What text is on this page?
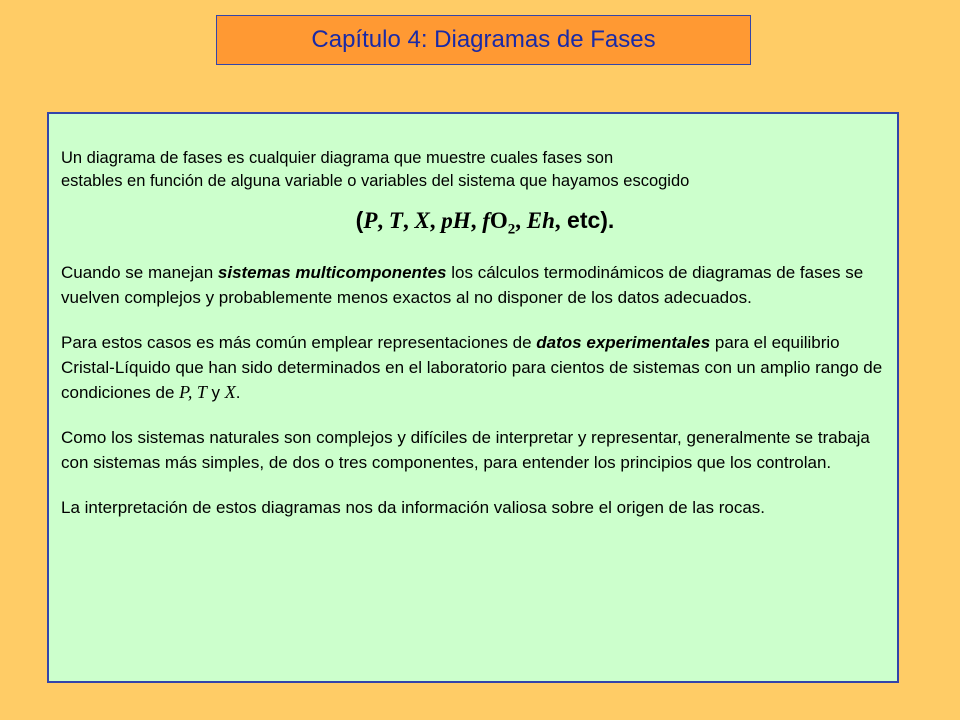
Capítulo 4: Diagramas de Fases
Un diagrama de fases es cualquier diagrama que muestre cuales fases son
estables en función de alguna variable o variables del sistema que hayamos escogido
(P, T, X, pH, $fO_2$, Eh, etc).

Cuando se manejan sistemas multicomponentes los cálculos termodinámicos de diagramas de fases se vuelven complejos y probablemente menos exactos al no disponer de los datos adecuados.

Para estos casos es más común emplear representaciones de datos experimentales para el equilibrio Cristal-Líquido que han sido determinados en el laboratorio para cientos de sistemas con un amplio rango de condiciones de P, T y X.

Como los sistemas naturales son complejos y difíciles de interpretar y representar, generalmente se trabaja con sistemas más simples, de dos o tres componentes, para entender los principios que los controlan.

La interpretación de estos diagramas nos da información valiosa sobre el origen de las rocas.
